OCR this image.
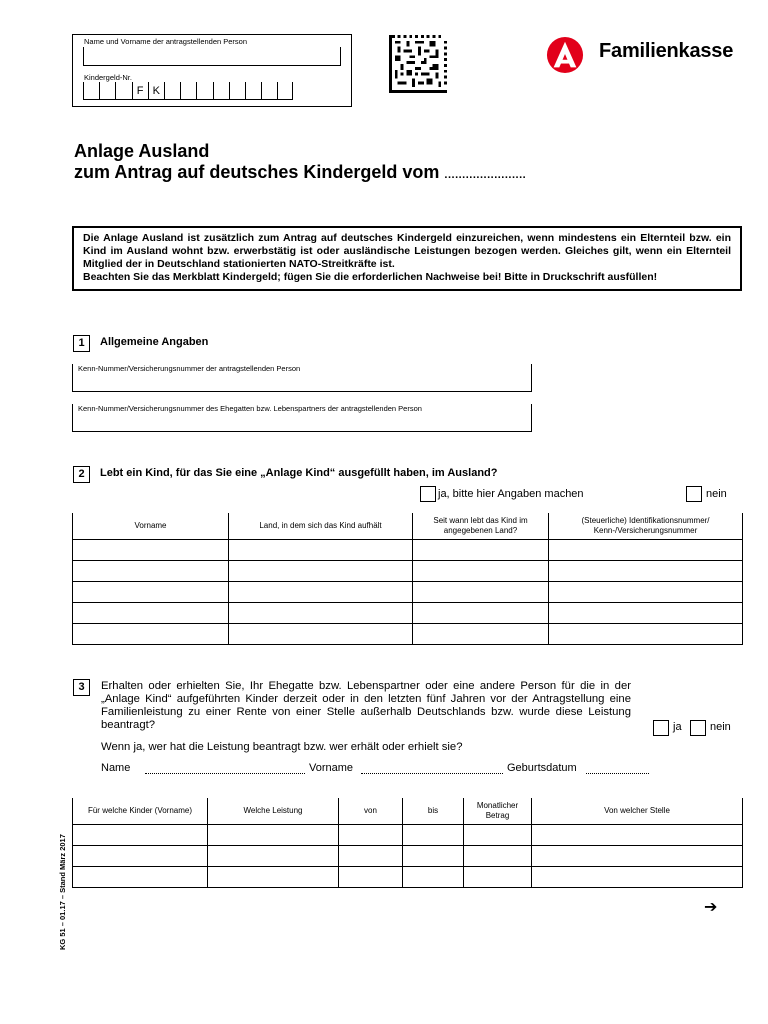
Name und Vorname der antragstellenden Person
Kindergeld-Nr.
F K
Familienkasse
Anlage Ausland
zum Antrag auf deutsches Kindergeld vom .......................

Die Anlage Ausland ist zusätzlich zum Antrag auf deutsches Kindergeld einzureichen, wenn mindestens ein Elternteil bzw. ein Kind im Ausland wohnt bzw. erwerbstätig ist oder ausländische Leistungen bezogen werden. Gleiches gilt, wenn ein Elternteil Mitglied der in Deutschland stationierten NATO-Streitkräfte ist.

Beachten Sie das Merkblatt Kindergeld; fügen Sie die erforderlichen Nachweise bei! Bitte in Druckschrift ausfüllen!

1	Allgemeine Angaben
Kenn-Nummer/Versicherungsnummer der antragstellenden Person
Kenn-Nummer/Versicherungsnummer des Ehegatten bzw. Lebenspartners der antragstellenden Person
2	Lebt ein Kind, für das Sie eine „Anlage Kind“ ausgefüllt haben, im Ausland?
ja, bitte hier Angaben machen	nein
Vorname	Land, in dem sich das Kind aufhält	Seit wann lebt das Kind im angegebenen Land?	(Steuerliche) Identifikationsnummer/ Kenn-/Versicherungsnummer

3	Erhalten oder erhielten Sie, Ihr Ehegatte bzw. Lebenspartner oder eine andere Person für die in der „Anlage Kind“ aufgeführten Kinder derzeit oder in den letzten fünf Jahren vor der Antragstellung eine Familienleistung zu einer Rente von einer Stelle außerhalb Deutschlands bzw. wurde diese Leistung beantragt?	ja	nein
Wenn ja, wer hat die Leistung beantragt bzw. wer erhält oder erhielt sie?
Name	Vorname	Geburtsdatum
Für welche Kinder (Vorname)	Welche Leistung	von	bis	Monatlicher Betrag	Von welcher Stelle

KG 51 – 01.17 – Stand März 2017	➔
